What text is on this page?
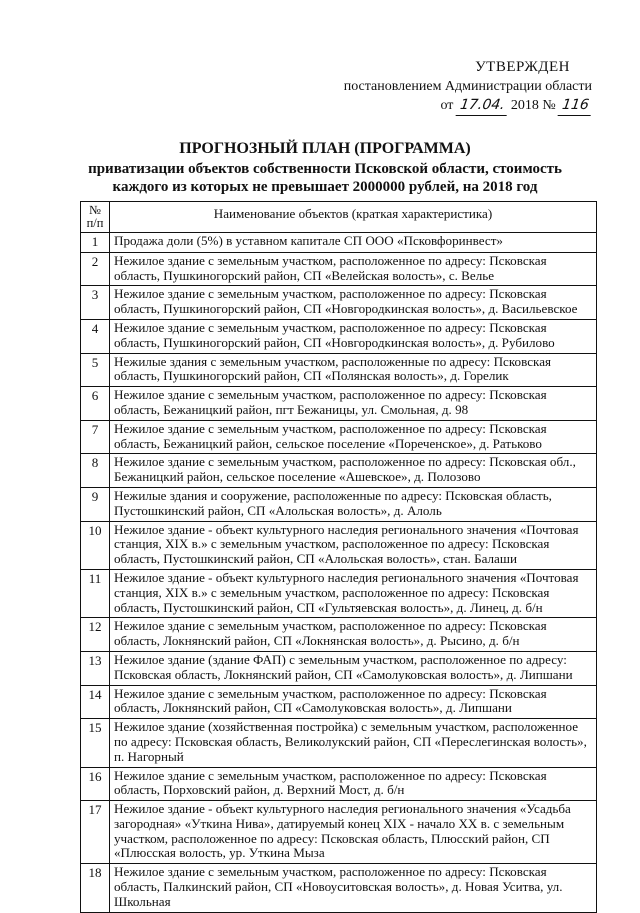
УТВЕРЖДЕН
постановлением Администрации области
от 17.04. 2018 № 116
ПРОГНОЗНЫЙ ПЛАН (ПРОГРАММА)
приватизации объектов собственности Псковской области, стоимость
каждого из которых не превышает 2000000 рублей, на 2018 год
№ п/п	Наименование объектов (краткая характеристика)
1	Продажа доли (5%) в уставном капитале СП ООО «Псковфоринвест»
2	Нежилое здание с земельным участком, расположенное по адресу: Псковская область, Пушкиногорский район, СП «Велейская волость», с. Велье
3	Нежилое здание с земельным участком, расположенное по адресу: Псковская область, Пушкиногорский район, СП «Новгородкинская волость», д. Васильевское
4	Нежилое здание с земельным участком, расположенное по адресу: Псковская область, Пушкиногорский район, СП «Новгородкинская волость», д. Рубилово
5	Нежилые здания с земельным участком, расположенные по адресу: Псковская область, Пушкиногорский район, СП «Полянская волость», д. Горелик
6	Нежилое здание с земельным участком, расположенное по адресу: Псковская область, Бежаницкий район, пгт Бежаницы, ул. Смольная, д. 98
7	Нежилое здание с земельным участком, расположенное по адресу: Псковская область, Бежаницкий район, сельское поселение «Пореченское», д. Ратьково
8	Нежилое здание с земельным участком, расположенное по адресу: Псковская обл., Бежаницкий район, сельское поселение «Ашевское», д. Полозово
9	Нежилые здания и сооружение, расположенные по адресу: Псковская область, Пустошкинский район, СП «Алольская волость», д. Алоль
10	Нежилое здание - объект культурного наследия регионального значения «Почтовая станция, XIX в.» с земельным участком, расположенное по адресу: Псковская область, Пустошкинский район, СП «Алольская волость», стан. Балаши
11	Нежилое здание - объект культурного наследия регионального значения «Почтовая станция, XIX в.» с земельным участком, расположенное по адресу: Псковская область, Пустошкинский район, СП «Гультяевская волость», д. Линец, д. б/н
12	Нежилое здание с земельным участком, расположенное по адресу: Псковская область, Локнянский район, СП «Локнянская волость», д. Рысино, д. б/н
13	Нежилое здание (здание ФАП) с земельным участком, расположенное по адресу: Псковская область, Локнянский район, СП «Самолуковская волость», д. Липшани
14	Нежилое здание с земельным участком, расположенное по адресу: Псковская область, Локнянский район, СП «Самолуковская волость», д. Липшани
15	Нежилое здание (хозяйственная постройка) с земельным участком, расположенное по адресу: Псковская область, Великолукский район, СП «Переслегинская волость», п. Нагорный
16	Нежилое здание с земельным участком, расположенное по адресу: Псковская область, Порховский район, д. Верхний Мост, д. б/н
17	Нежилое здание - объект культурного наследия регионального значения «Усадьба загородная» «Уткина Нива», датируемый конец XIX - начало XX в. с земельным участком, расположенное по адресу: Псковская область, Плюсский район, СП «Плюсская волость, ур. Уткина Мыза
18	Нежилое здание с земельным участком, расположенное по адресу: Псковская область, Палкинский район, СП «Новоуситовская волость», д. Новая Уситва, ул. Школьная
